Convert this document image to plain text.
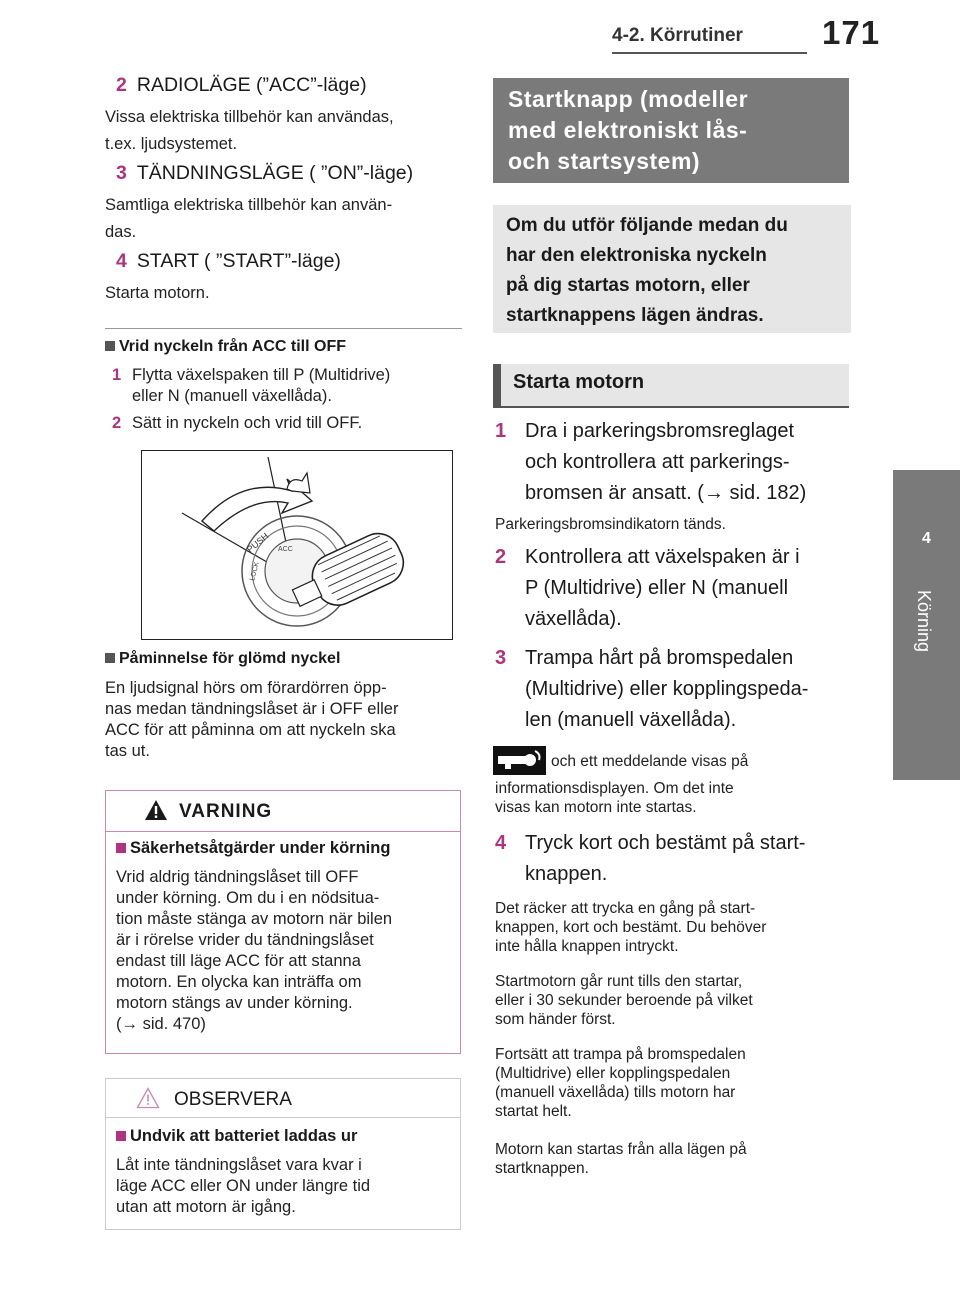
4-2. Körrutiner 171
4
Körning
2 RADIOLÄGE (”ACC”-läge)
Vissa elektriska tillbehör kan användas,
t.ex. ljudsystemet.
3 TÄNDNINGSLÄGE ( ”ON”-läge)
Samtliga elektriska tillbehör kan använ-
das.
4 START ( ”START”-läge)
Starta motorn.
Vrid nyckeln från ACC till OFF
1 Flytta växelspaken till P (Multidrive)
eller N (manuell växellåda).
2 Sätt in nyckeln och vrid till OFF.
PUSH
LOCK
ACC
Påminnelse för glömd nyckel
En ljudsignal hörs om förardörren öpp-
nas medan tändningslåset är i OFF eller
ACC för att påminna om att nyckeln ska
tas ut.
VARNING
Säkerhetsåtgärder under körning
Vrid aldrig tändningslåset till OFF
under körning. Om du i en nödsitua-
tion måste stänga av motorn när bilen
är i rörelse vrider du tändningslåset
endast till läge ACC för att stanna
motorn. En olycka kan inträffa om
motorn stängs av under körning.
(→ sid. 470)
OBSERVERA
Undvik att batteriet laddas ur
Låt inte tändningslåset vara kvar i
läge ACC eller ON under längre tid
utan att motorn är igång.
Startknapp (modeller
med elektroniskt lås-
och startsystem)
Om du utför följande medan du
har den elektroniska nyckeln
på dig startas motorn, eller
startknappens lägen ändras.
Starta motorn
1 Dra i parkeringsbromsreglaget
och kontrollera att parkerings-
bromsen är ansatt. (→ sid. 182)
Parkeringsbromsindikatorn tänds.
2 Kontrollera att växelspaken är i
P (Multidrive) eller N (manuell
växellåda).
3 Trampa hårt på bromspedalen
(Multidrive) eller kopplingspeda-
len (manuell växellåda).
och ett meddelande visas på
informationsdisplayen. Om det inte
visas kan motorn inte startas.
4 Tryck kort och bestämt på start-
knappen.
Det räcker att trycka en gång på start-
knappen, kort och bestämt. Du behöver
inte hålla knappen intryckt.
Startmotorn går runt tills den startar,
eller i 30 sekunder beroende på vilket
som händer först.
Fortsätt att trampa på bromspedalen
(Multidrive) eller kopplingspedalen
(manuell växellåda) tills motorn har
startat helt.
Motorn kan startas från alla lägen på
startknappen.
